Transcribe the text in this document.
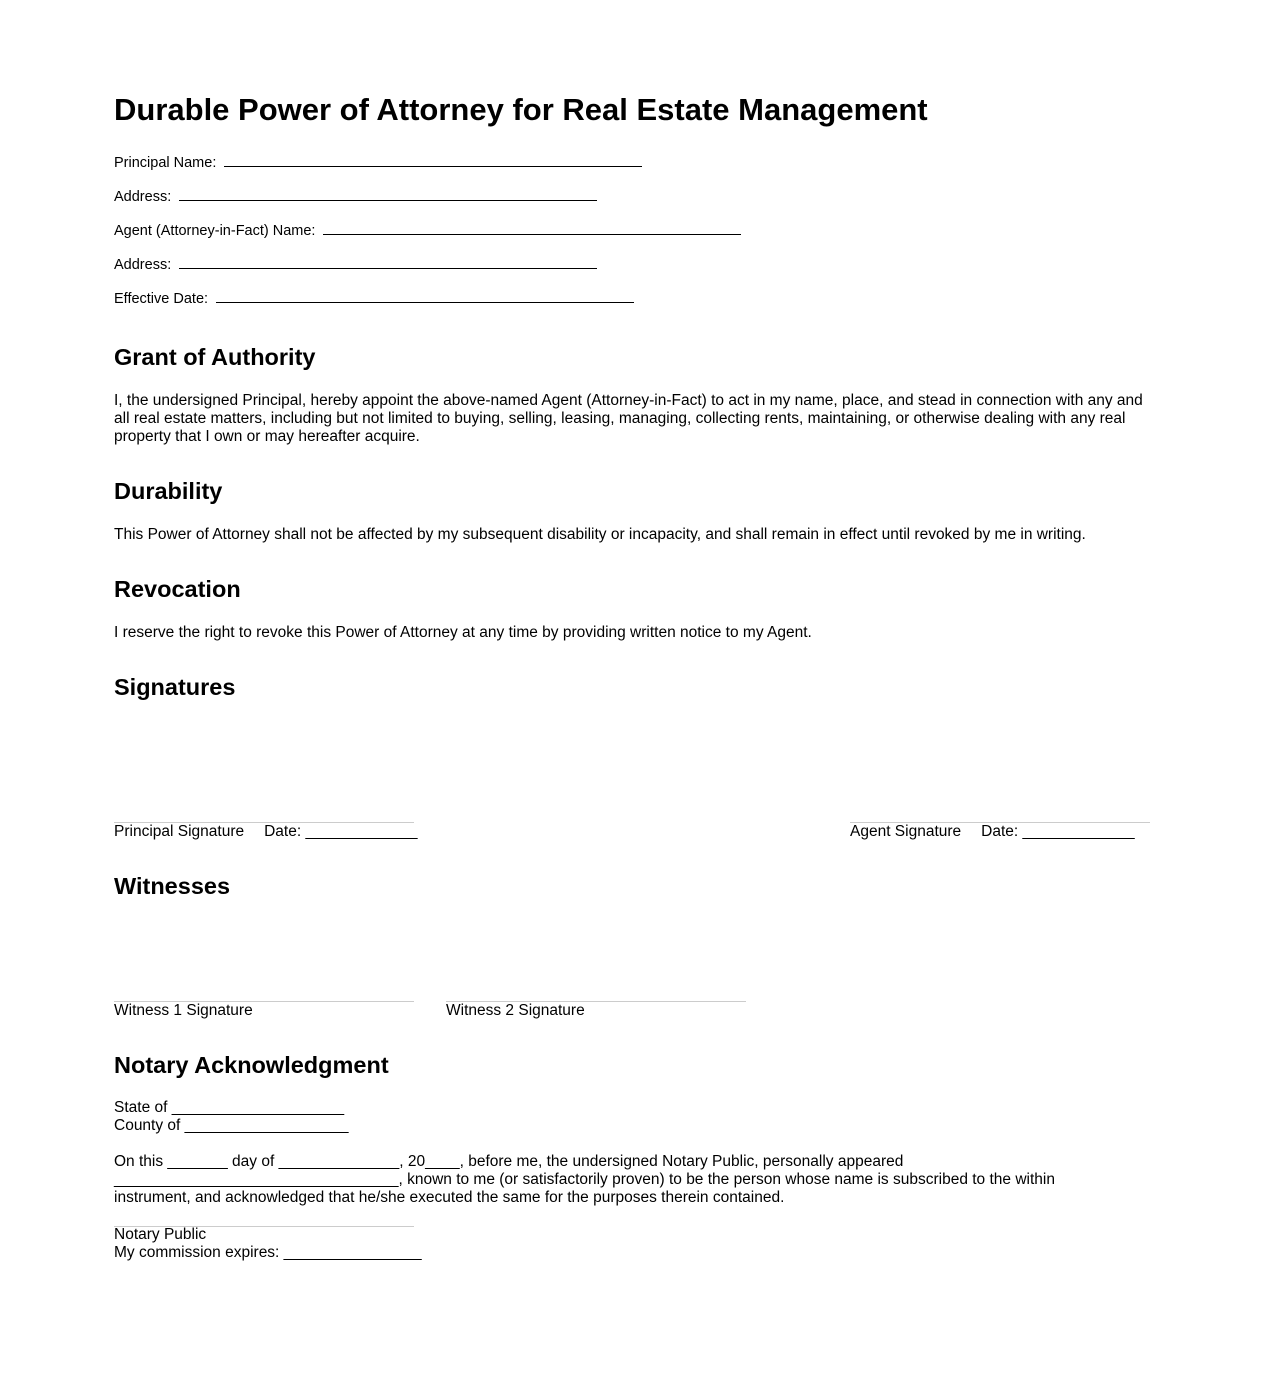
Durable Power of Attorney for Real Estate Management
Principal Name:
Address:
Agent (Attorney-in-Fact) Name:
Address:
Effective Date:
Grant of Authority

I, the undersigned Principal, hereby appoint the above-named Agent (Attorney-in-Fact) to act in my name, place, and stead in connection with any and all real estate matters, including but not limited to buying, selling, leasing, managing, collecting rents, maintaining, or otherwise dealing with any real property that I own or may hereafter acquire.

Durability

This Power of Attorney shall not be affected by my subsequent disability or incapacity, and shall remain in effect until revoked by me in writing.

Revocation

I reserve the right to revoke this Power of Attorney at any time by providing written notice to my Agent.

Signatures
Principal Signature Date: _____________	Agent Signature Date: _____________
Witnesses
Witness 1 Signature	Witness 2 Signature
Notary Acknowledgment
State of ____________________
County of ___________________
On this _______ day of ______________, 20____, before me, the undersigned Notary Public, personally appeared
_________________________________, known to me (or satisfactorily proven) to be the person whose name is subscribed to the within
instrument, and acknowledged that he/she executed the same for the purposes therein contained.
Notary Public
My commission expires: ________________
